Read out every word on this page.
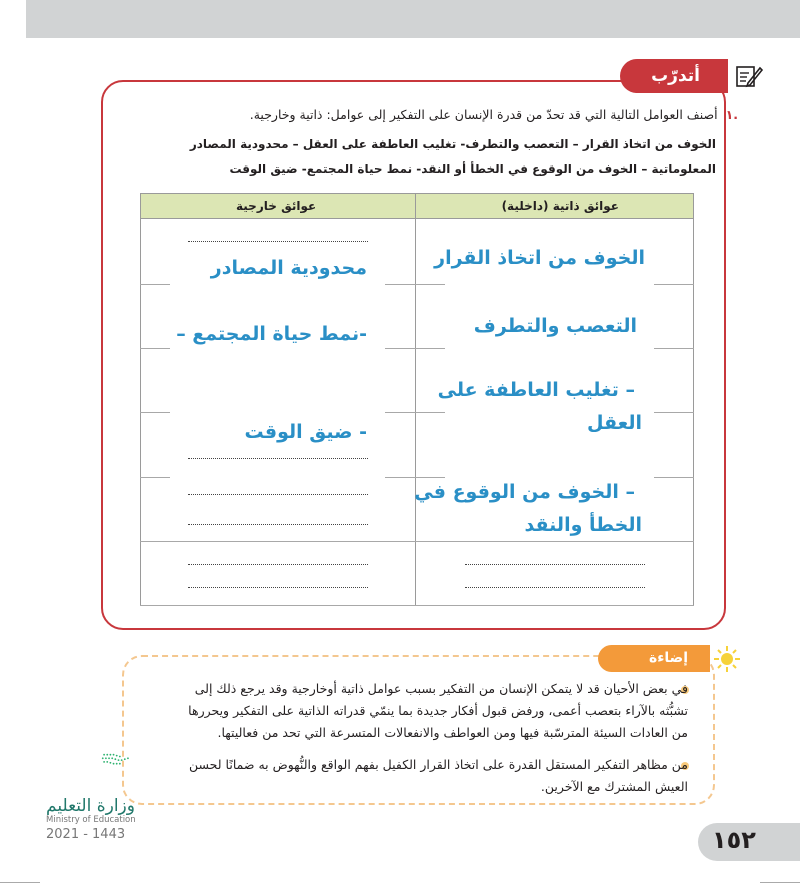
أتدرّب
.١أصنف العوامل التالية التي قد تحدّ من قدرة الإنسان على التفكير إلى عوامل: ذاتية وخارجية.
الخوف من اتخاذ القرار – التعصب والتطرف- تغليب العاطفة على العقل – محدودية المصادر
المعلوماتية – الخوف من الوقوع في الخطأ أو النقد- نمط حياة المجتمع- ضيق الوقت
عوائق ذاتية (داخلية)
عوائق خارجية
الخوف من اتخاذ القرار
التعصب والتطرف
– تغليب العاطفة على
العقل
– الخوف من الوقوع في
الخطأ والنقد
محدودية المصادر
-نمط حياة المجتمع –
- ضيق الوقت
إضاءة
في بعض الأحيان قد لا يتمكن الإنسان من التفكير بسبب عوامل ذاتية أوخارجية وقد يرجع ذلك إلى
تشبُّثه بالآراء بتعصب أعمى، ورفض قبول أفكار جديدة بما ينمّي قدراته الذاتية على التفكير ويحررها
من العادات السيئة المترسّبة فيها ومن العواطف والانفعالات المتسرعة التي تحد من فعاليتها.
من مظاهر التفكير المستقل القدرة على اتخاذ القرار الكفيل بفهم الواقع والنُّهوض به ضمانًا لحسن
العيش المشترك مع الآخرين.
وزارة التعليم
Ministry of Education
2021 - 1443	١٥٢
